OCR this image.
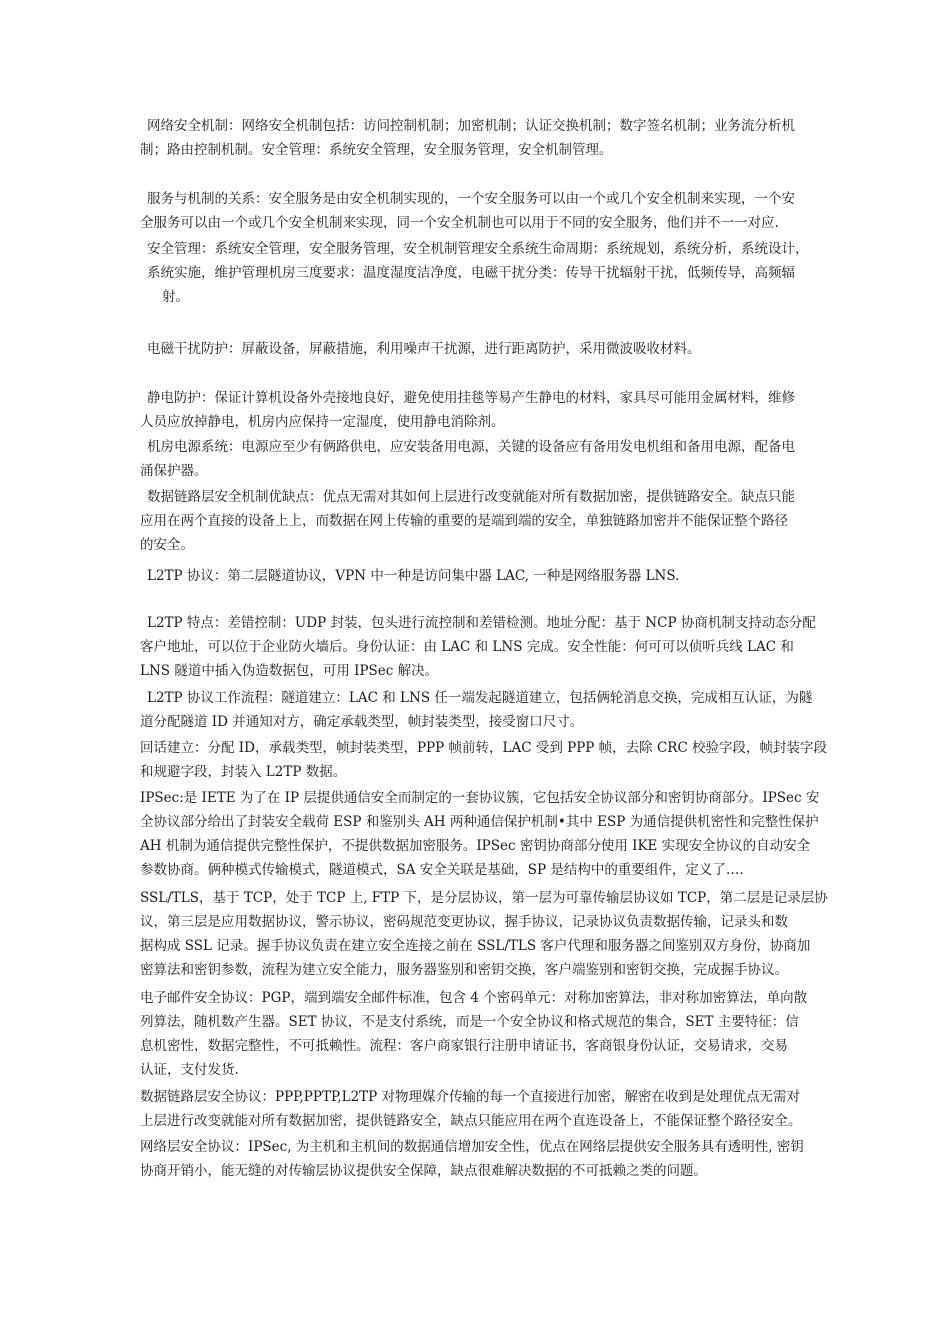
网络安全机制：网络安全机制包括：访问控制机制；加密机制；认证交换机制；数字签名机制；业务流分析机
制；路由控制机制。安全管理：系统安全管理，安全服务管理，安全机制管理。
服务与机制的关系：安全服务是由安全机制实现的，一个安全服务可以由一个或几个安全机制来实现，一个安
全服务可以由一个或几个安全机制来实现，同一个安全机制也可以用于不同的安全服务，他们并不一一对应.
安全管理：系统安全管理，安全服务管理，安全机制管理安全系统生命周期：系统规划，系统分析，系统设计，
系统实施，维护管理机房三度要求：温度湿度洁净度，电磁干扰分类：传导干扰辐射干扰，低频传导，高频辐
射。
电磁干扰防护：屏蔽设备，屏蔽措施，利用噪声干扰源，进行距离防护，采用微波吸收材料。
静电防护：保证计算机设备外壳接地良好，避免使用挂毯等易产生静电的材料，家具尽可能用金属材料，维修
人员应放掉静电，机房内应保持一定湿度，使用静电消除剂。
机房电源系统：电源应至少有俩路供电，应安装备用电源，关键的设备应有备用发电机组和备用电源，配备电
涌保护器。
数据链路层安全机制优缺点：优点无需对其如何上层进行改变就能对所有数据加密，提供链路安全。缺点只能
应用在两个直接的设备上上，而数据在网上传输的重要的是端到端的安全，单独链路加密并不能保证整个路径
的安全。
L2TP 协议：第二层隧道协议，VPN 中一种是访问集中器 LAC, 一种是网络服务器 LNS.
L2TP 特点：差错控制：UDP 封装，包头进行流控制和差错检测。地址分配：基于 NCP 协商机制支持动态分配
客户地址，可以位于企业防火墙后。身份认证：由 LAC 和 LNS 完成。安全性能：何可可以侦听兵线 LAC 和
LNS 隧道中插入伪造数据包，可用 IPSec 解决。
L2TP 协议工作流程：隧道建立：LAC 和 LNS 任一端发起隧道建立，包括俩轮消息交换，完成相互认证，为隧
道分配隧道 ID 并通知对方，确定承载类型，帧封装类型，接受窗口尺寸。
回话建立：分配 ID，承载类型，帧封装类型，PPP 帧前转，LAC 受到 PPP 帧，去除 CRC 校验字段，帧封装字段
和规避字段，封装入 L2TP 数据。
IPSec:是 IETE 为了在 IP 层提供通信安全而制定的一套协议簇，它包括安全协议部分和密钥协商部分。IPSec 安
全协议部分给出了封装安全载荷 ESP 和鉴别头 AH 两种通信保护机制•其中 ESP 为通信提供机密性和完整性保护
AH 机制为通信提供完整性保护，不提供数据加密服务。IPSec 密钥协商部分使用 IKE 实现安全协议的自动安全
参数协商。俩种模式传输模式，隧道模式，SA 安全关联是基础，SP 是结构中的重要组件，定义了….
SSL/TLS，基于 TCP，处于 TCP 上, FTP 下，是分层协议，第一层为可靠传输层协议如 TCP，第二层是记录层协
议，第三层是应用数据协议，警示协议，密码规范变更协议，握手协议，记录协议负责数据传输，记录头和数
据构成 SSL 记录。握手协议负责在建立安全连接之前在 SSL/TLS 客户代理和服务器之间鉴别双方身份，协商加
密算法和密钥参数，流程为建立安全能力，服务器鉴别和密钥交换，客户端鉴别和密钥交换，完成握手协议。
电子邮件安全协议：PGP，端到端安全邮件标准，包含 4 个密码单元：对称加密算法，非对称加密算法，单向散
列算法，随机数产生器。SET 协议，不是支付系统，而是一个安全协议和格式规范的集合，SET 主要特征：信
息机密性，数据完整性，不可抵赖性。流程：客户商家银行注册申请证书，客商银身份认证，交易请求，交易
认证，支付发货.
数据链路层安全协议：PPP,PPTP,L2TP 对物理媒介传输的每一个直接进行加密，解密在收到是处理优点无需对
上层进行改变就能对所有数据加密，提供链路安全，缺点只能应用在两个直连设备上，不能保证整个路径安全。
网络层安全协议：IPSec, 为主机和主机间的数据通信增加安全性，优点在网络层提供安全服务具有透明性, 密钥
协商开销小，能无缝的对传输层协议提供安全保障，缺点很难解决数据的不可抵赖之类的问题。
